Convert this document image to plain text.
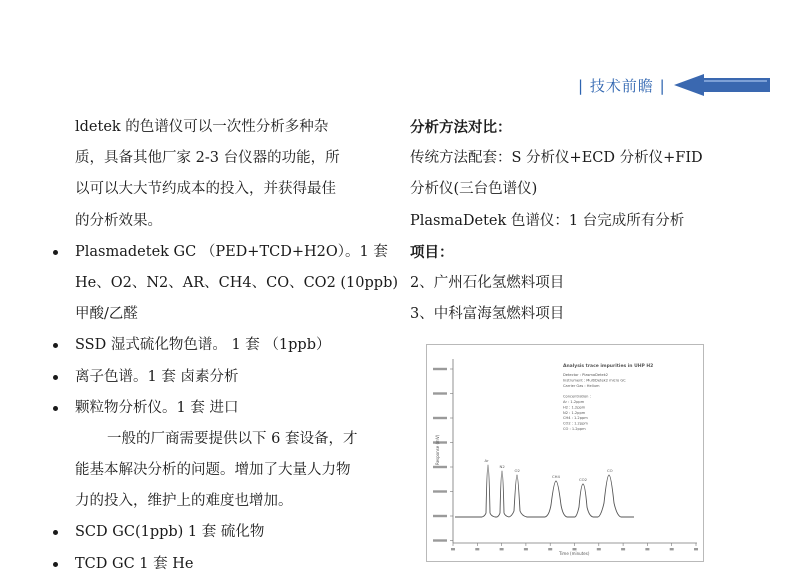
| 技术前瞻 |
ldetek 的色谱仪可以一次性分析多种杂
质，具备其他厂家 2-3 台仪器的功能，所
以可以大大节约成本的投入，并获得最佳
的分析效果。
Plasmadetek GC （PED+TCD+H2O）。1 套
He、O2、N2、AR、CH4、CO、CO2 (10ppb)
甲酸/乙醛
SSD 湿式硫化物色谱。 1 套 （1ppb）
离子色谱。1 套 卤素分析
颗粒物分析仪。1 套 进口
一般的厂商需要提供以下 6 套设备，才
能基本解决分析的问题。增加了大量人力物
力的投入，维护上的难度也增加。
SCD GC(1ppb) 1 套 硫化物
TCD GC 1 套 He
分析方法对比：
传统方法配套：S 分析仪+ECD 分析仪+FID
分析仪(三台色谱仪)
PlasmaDetek 色谱仪：1 台完成所有分析
项目：
2、广州石化氢燃料项目
3、中科富海氢燃料项目
Response (mV)
Time (minutes)
Analysis trace impurities in UHP H2
Detector : PlasmaDetek2
Instrument : MultiDetek2 micro GC
Carrier Gas : Helium
Concentration :
Ar : 1.2ppm
H2 : 1.2ppm
N2 : 1.2ppm
CH4 : 1.2ppm
CO2 : 1.2ppm
CO : 1.2ppm
Ar
N2
O2
CH4
CO2
CO
